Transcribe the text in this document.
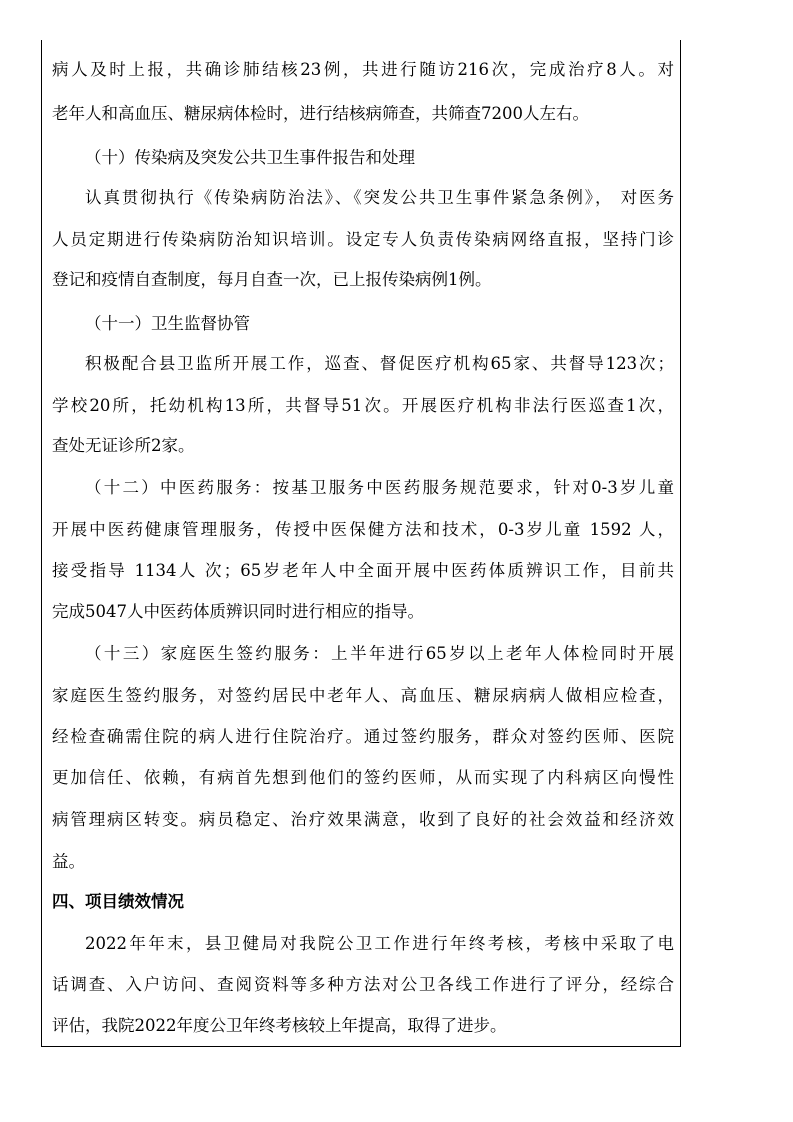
病人及时上报，共确诊肺结核23例，共进行随访216次，完成治疗8人。对
老年人和高血压、糖尿病体检时，进行结核病筛查，共筛查7200人左右。
（十）传染病及突发公共卫生事件报告和处理
认真贯彻执行《传染病防治法》、《突发公共卫生事件紧急条例》， 对医务
人员定期进行传染病防治知识培训。设定专人负责传染病网络直报，坚持门诊
登记和疫情自查制度，每月自查一次，已上报传染病例1例。
（十一）卫生监督协管
积极配合县卫监所开展工作，巡查、督促医疗机构65家、共督导123次；
学校20所，托幼机构13所，共督导51次。开展医疗机构非法行医巡查1次，
查处无证诊所2家。
（十二）中医药服务：按基卫服务中医药服务规范要求，针对0-3岁儿童
开展中医药健康管理服务，传授中医保健方法和技术，0-3岁儿童 1592 人，
接受指导 1134人 次；65岁老年人中全面开展中医药体质辨识工作，目前共
完成5047人中医药体质辨识同时进行相应的指导。
（十三）家庭医生签约服务：上半年进行65岁以上老年人体检同时开展
家庭医生签约服务，对签约居民中老年人、高血压、糖尿病病人做相应检查，
经检查确需住院的病人进行住院治疗。通过签约服务，群众对签约医师、医院
更加信任、依赖，有病首先想到他们的签约医师，从而实现了内科病区向慢性
病管理病区转变。病员稳定、治疗效果满意，收到了良好的社会效益和经济效
益。
四、项目绩效情况
2022年年末，县卫健局对我院公卫工作进行年终考核，考核中采取了电
话调查、入户访问、查阅资料等多种方法对公卫各线工作进行了评分，经综合
评估，我院2022年度公卫年终考核较上年提高，取得了进步。
